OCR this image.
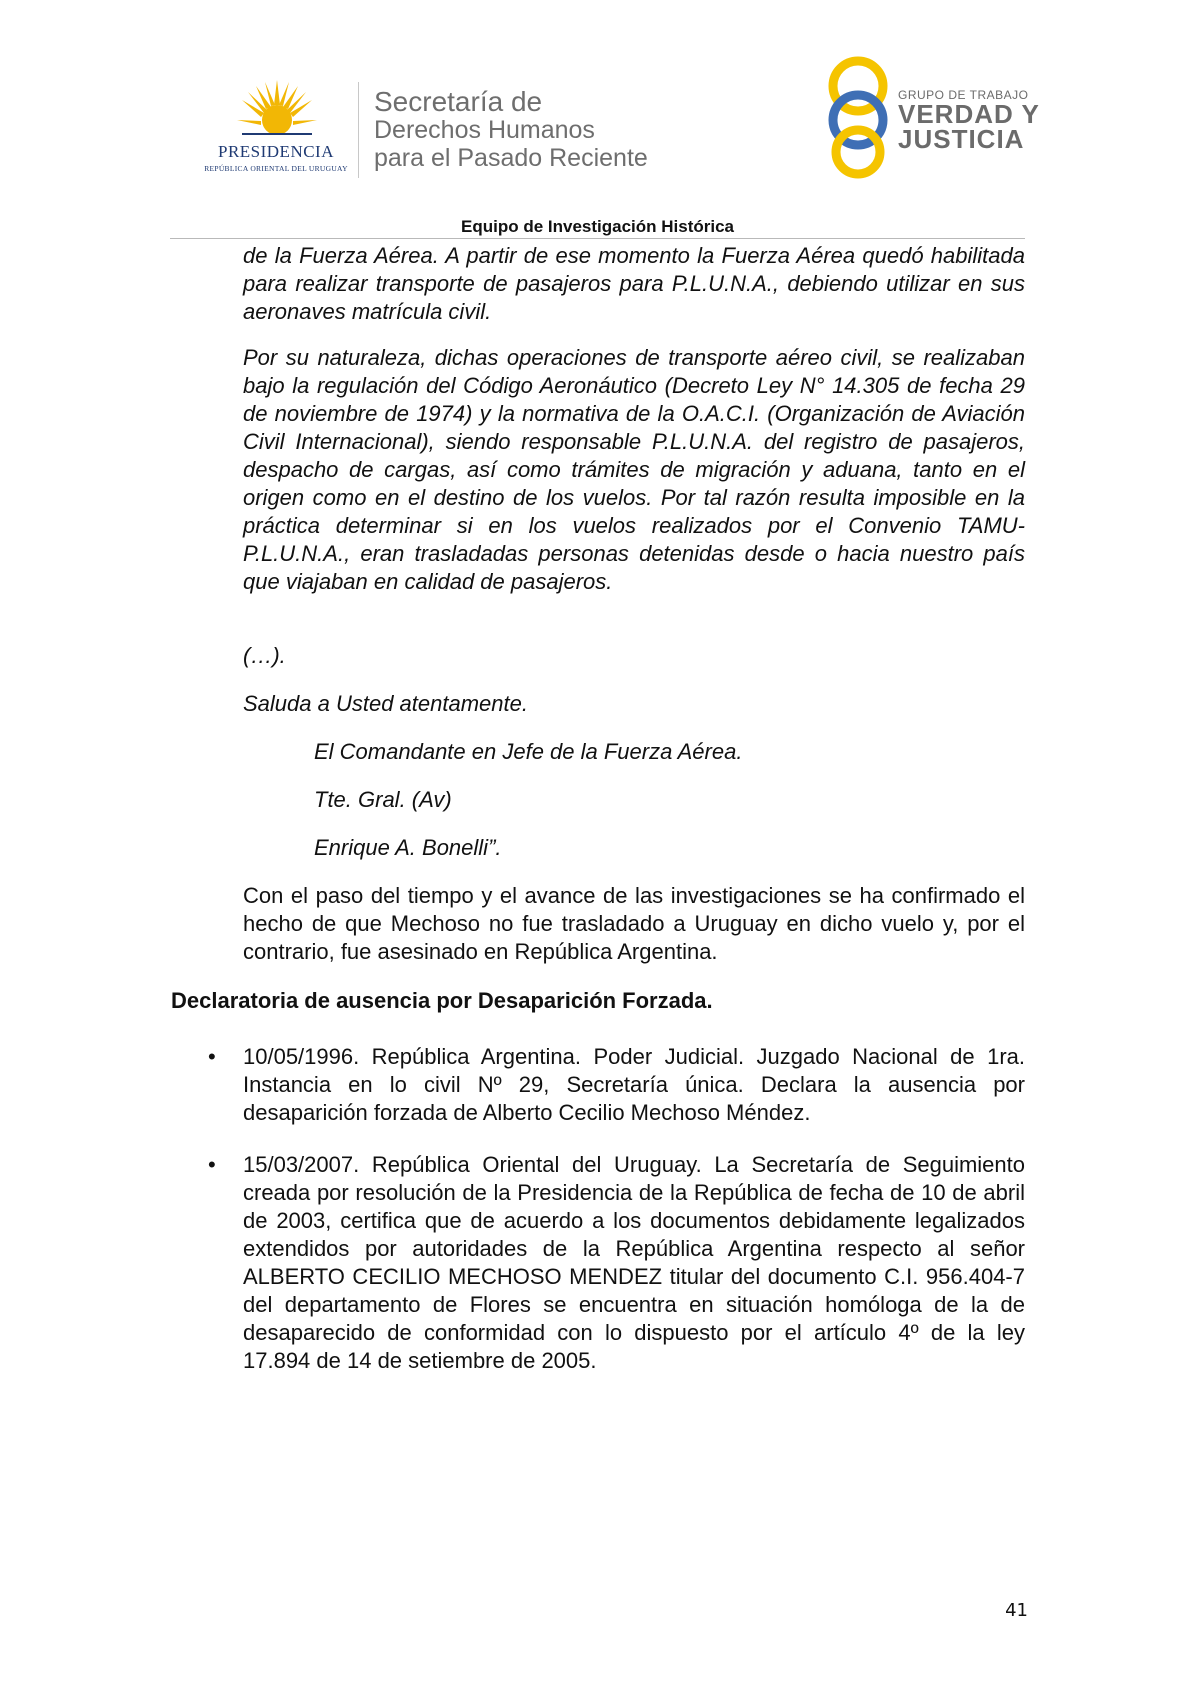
PRESIDENCIA
REPÚBLICA ORIENTAL DEL URUGUAY
Secretaría de
Derechos Humanos
para el Pasado Reciente
GRUPO DE TRABAJO
VERDAD Y
JUSTICIA
Equipo de Investigación Histórica
de la Fuerza Aérea. A partir de ese momento la Fuerza Aérea quedó habilitada para realizar transporte de pasajeros para P.L.U.N.A., debiendo utilizar en sus aeronaves matrícula civil.
Por su naturaleza, dichas operaciones de transporte aéreo civil, se realizaban bajo la regulación del Código Aeronáutico (Decreto Ley N° 14.305 de fecha 29 de noviembre de 1974) y la normativa de la O.A.C.I. (Organización de Aviación Civil Internacional), siendo responsable P.L.U.N.A. del registro de pasajeros, despacho de cargas, así como trámites de migración y aduana, tanto en el origen como en el destino de los vuelos. Por tal razón resulta imposible en la práctica determinar si en los vuelos realizados por el Convenio TAMU- P.L.U.N.A., eran trasladadas personas detenidas desde o hacia nuestro país que viajaban en calidad de pasajeros.
(…).
Saluda a Usted atentamente.
El Comandante en Jefe de la Fuerza Aérea.
Tte. Gral. (Av)
Enrique A. Bonelli”.
Con el paso del tiempo y el avance de las investigaciones se ha confirmado el hecho de que Mechoso no fue trasladado a Uruguay en dicho vuelo y, por el contrario, fue asesinado en República Argentina.
Declaratoria de ausencia por Desaparición Forzada.
• 10/05/1996. República Argentina. Poder Judicial. Juzgado Nacional de 1ra. Instancia en lo civil Nº 29, Secretaría única. Declara la ausencia por desaparición forzada de Alberto Cecilio Mechoso Méndez.
• 15/03/2007. República Oriental del Uruguay. La Secretaría de Seguimiento creada por resolución de la Presidencia de la República de fecha de 10 de abril de 2003, certifica que de acuerdo a los documentos debidamente legalizados extendidos por autoridades de la República Argentina respecto al señor ALBERTO CECILIO MECHOSO MENDEZ titular del documento C.I. 956.404-7 del departamento de Flores se encuentra en situación homóloga de la de desaparecido de conformidad con lo dispuesto por el artículo 4º de la ley 17.894 de 14 de setiembre de 2005.
41
